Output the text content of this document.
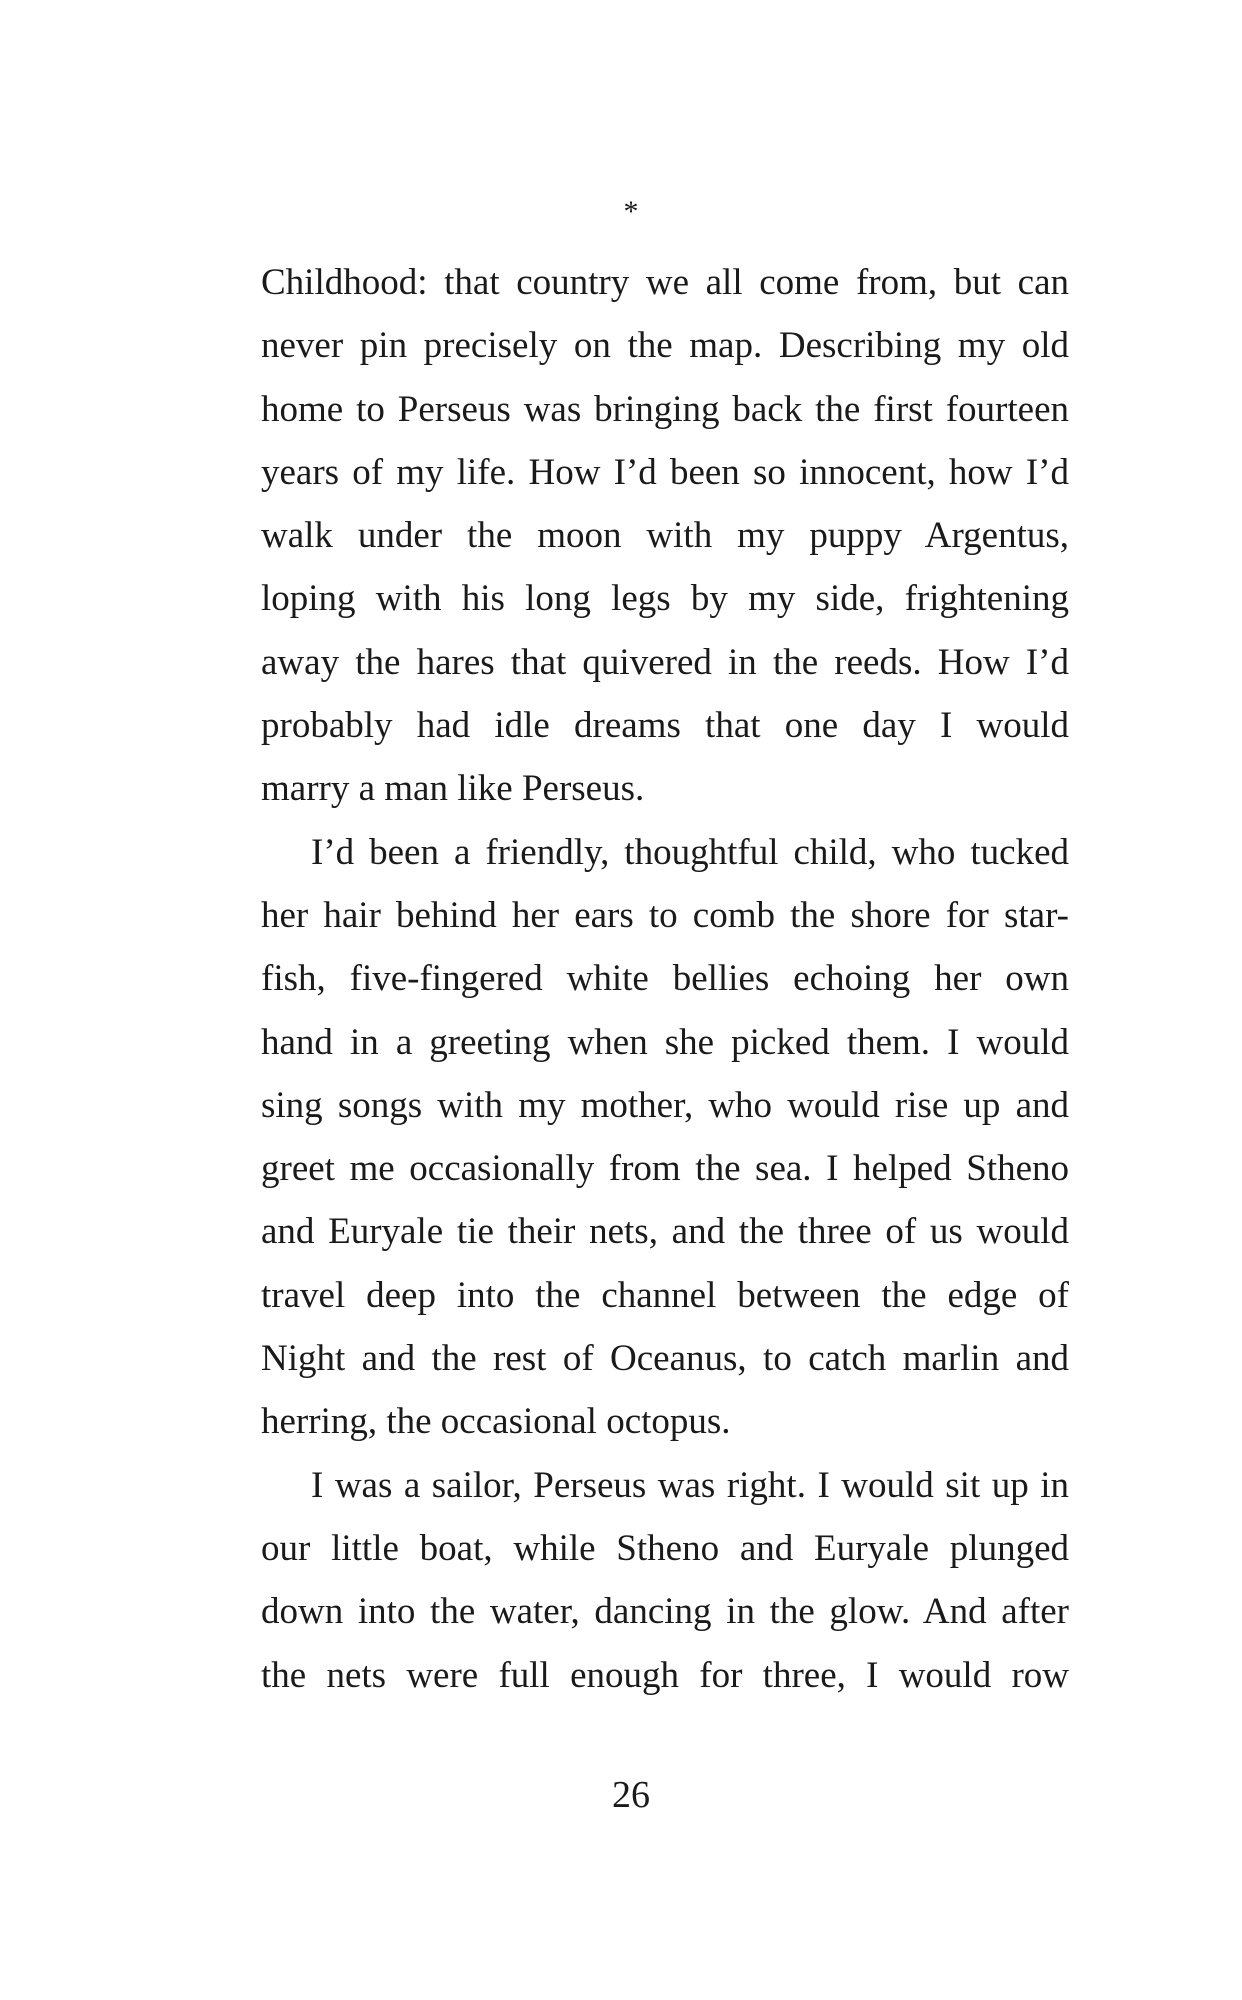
*
Childhood: that country we all come from, but can
never pin precisely on the map. Describing my old
home to Perseus was bringing back the first fourteen
years of my life. How I’d been so innocent, how I’d
walk under the moon with my puppy Argentus,
loping with his long legs by my side, frightening
away the hares that quivered in the reeds. How I’d
probably had idle dreams that one day I would
marry a man like Perseus.
I’d been a friendly, thoughtful child, who tucked
her hair behind her ears to comb the shore for star-
fish, five-fingered white bellies echoing her own
hand in a greeting when she picked them. I would
sing songs with my mother, who would rise up and
greet me occasionally from the sea. I helped Stheno
and Euryale tie their nets, and the three of us would
travel deep into the channel between the edge of
Night and the rest of Oceanus, to catch marlin and
herring, the occasional octopus.
I was a sailor, Perseus was right. I would sit up in
our little boat, while Stheno and Euryale plunged
down into the water, dancing in the glow. And after
the nets were full enough for three, I would row
26
